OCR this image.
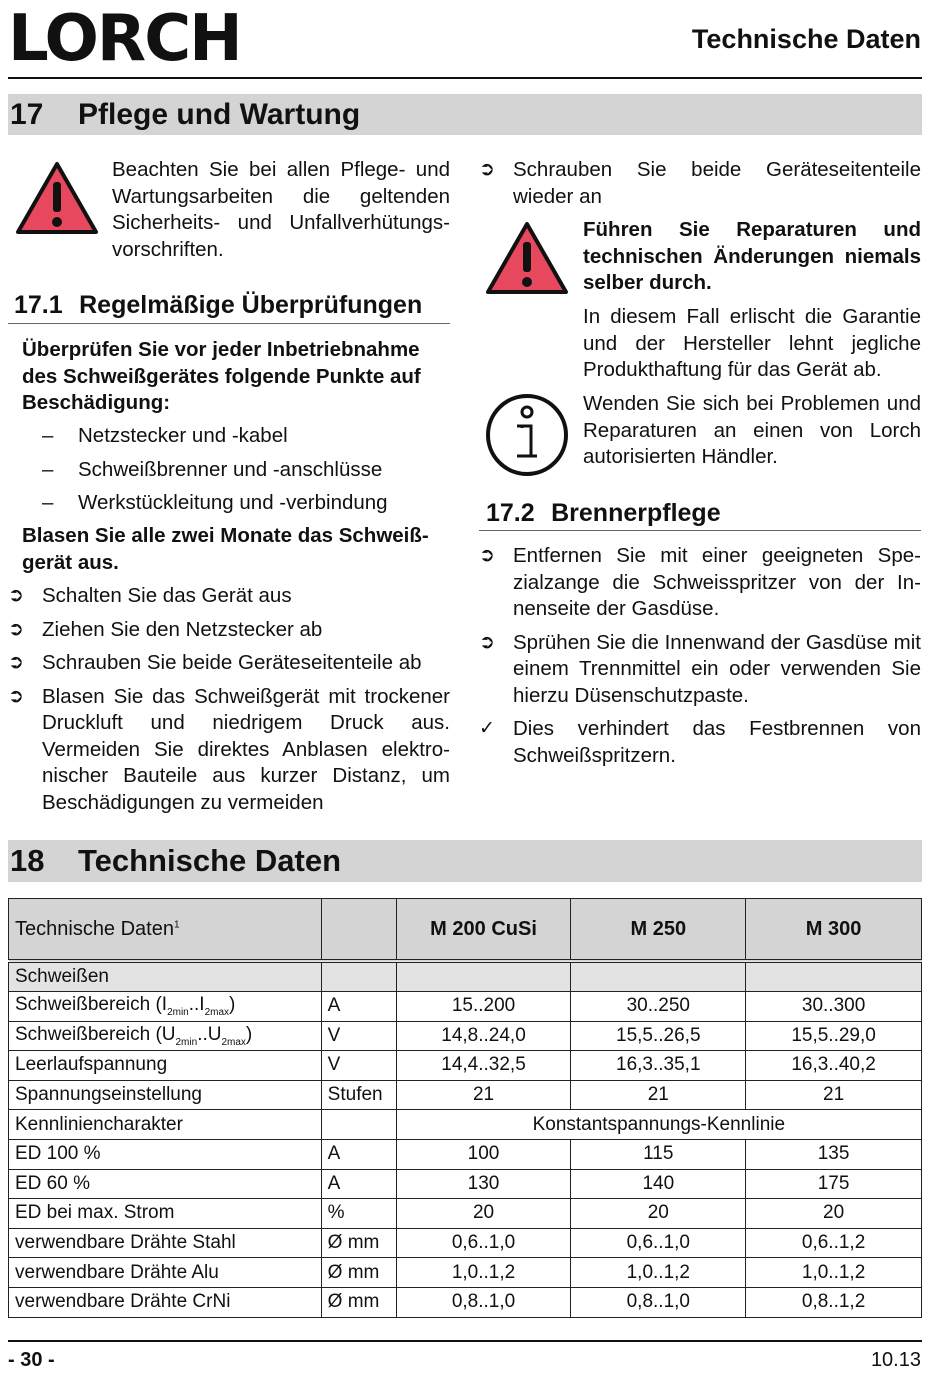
LORCH	Technische Daten
17 Pflege und Wartung
Beachten Sie bei allen Pflege- und Wartungsarbeiten die geltenden Sicherheits- und Unfallverhütungsvorschriften.
17.1 Regelmäßige Überprüfungen
Überprüfen Sie vor jeder Inbetriebnahme des Schweißgerätes folgende Punkte auf Beschädigung:
– Netzstecker und -kabel
– Schweißbrenner und -anschlüsse
– Werkstückleitung und -verbindung
Blasen Sie alle zwei Monate das Schweißgerät aus.
➲ Schalten Sie das Gerät aus
➲ Ziehen Sie den Netzstecker ab
➲ Schrauben Sie beide Geräteseitenteile ab
➲ Blasen Sie das Schweißgerät mit trockener Druckluft und niedrigem Druck aus. Vermeiden Sie direktes Anblasen elektronischer Bauteile aus kurzer Distanz, um Beschädigungen zu vermeiden
➲ Schrauben Sie beide Geräteseitenteile wieder an
Führen Sie Reparaturen und technischen Änderungen niemals selber durch.
In diesem Fall erlischt die Garantie und der Hersteller lehnt jegliche Produkthaftung für das Gerät ab.
Wenden Sie sich bei Problemen und Reparaturen an einen von Lorch autorisierten Händler.
17.2 Brennerpflege
➲ Entfernen Sie mit einer geeigneten Spezialzange die Schweisspritzer von der Innenseite der Gasdüse.
➲ Sprühen Sie die Innenwand der Gasdüse mit einem Trennmittel ein oder verwenden Sie hierzu Düsenschutzpaste.
✓ Dies verhindert das Festbrennen von Schweißspritzern.
18 Technische Daten
Technische Daten$^1$		M 200 CuSi	M 250	M 300
Schweißen				
Schweißbereich $(I_{2min}..I_{2max})$	A	15..200	30..250	30..300
Schweißbereich $(U_{2min}..U_{2max})$	V	14,8..24,0	15,5..26,5	15,5..29,0
Leerlaufspannung	V	14,4..32,5	16,3..35,1	16,3..40,2
Spannungseinstellung	Stufen	21	21	21
Kennliniencharakter		Konstantspannungs-Kennlinie		
ED 100 %	A	100	115	135
ED 60 %	A	130	140	175
ED bei max. Strom	%	20	20	20
verwendbare Drähte Stahl	Ø mm	0,6..1,0	0,6..1,0	0,6..1,2
verwendbare Drähte Alu	Ø mm	1,0..1,2	1,0..1,2	1,0..1,2
verwendbare Drähte CrNi	Ø mm	0,8..1,0	0,8..1,0	0,8..1,2
- 30 -	10.13
